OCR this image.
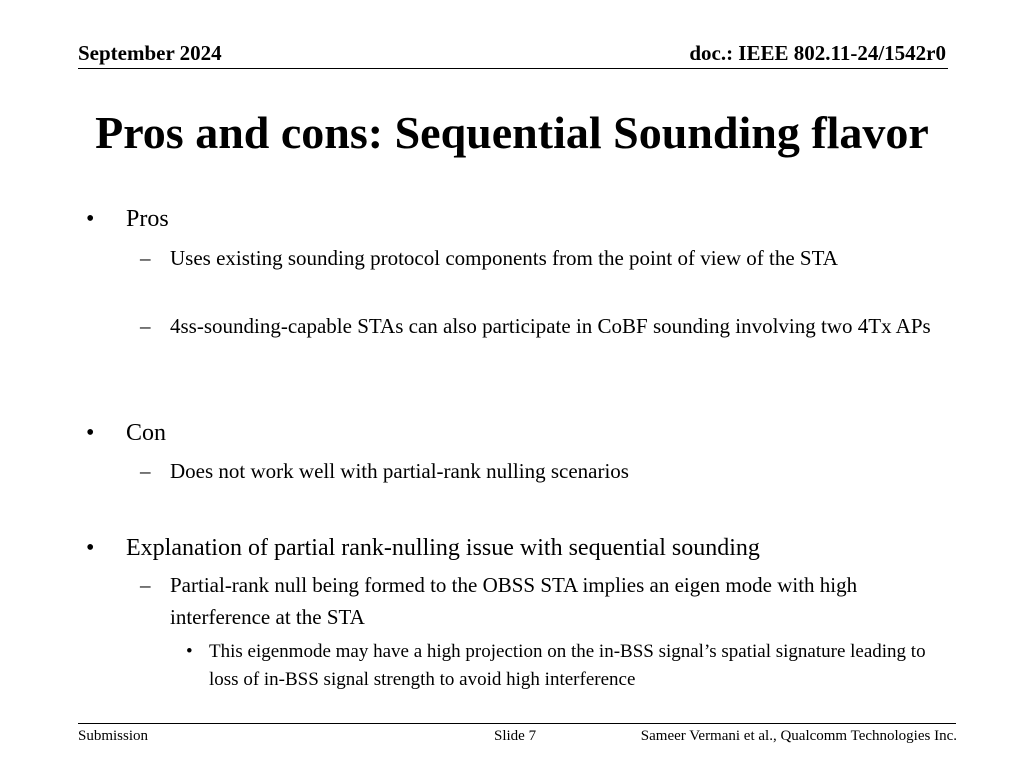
September 2024	doc.: IEEE 802.11-24/1542r0
Pros and cons: Sequential Sounding flavor
• Pros
– Uses existing sounding protocol components from the point of view of the STA
– 4ss-sounding-capable STAs can also participate in CoBF sounding involving two 4Tx APs
• Con
– Does not work well with partial-rank nulling scenarios
• Explanation of partial rank-nulling issue with sequential sounding
– Partial-rank null being formed to the OBSS STA implies an eigen mode with high interference at the STA
• This eigenmode may have a high projection on the in-BSS signal’s spatial signature leading to loss of in-BSS signal strength to avoid high interference
Submission	Slide 7	Sameer Vermani et al., Qualcomm Technologies Inc.
